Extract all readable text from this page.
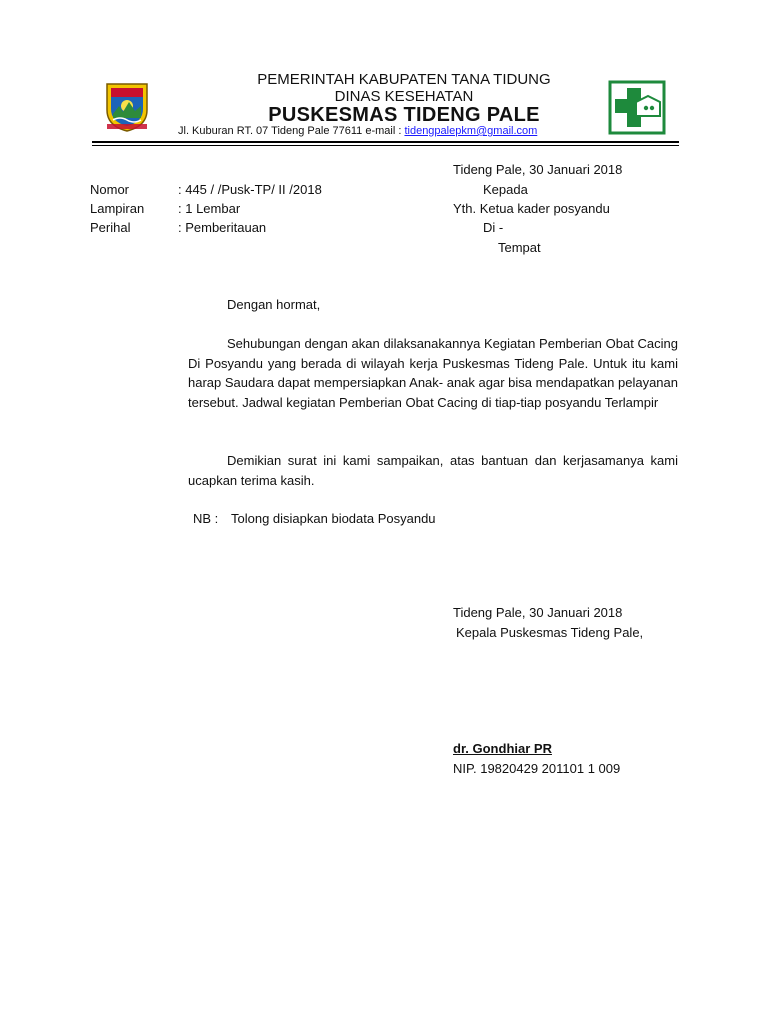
PEMERINTAH KABUPATEN TANA TIDUNG
DINAS KESEHATAN
PUSKESMAS TIDENG PALE
Jl. Kuburan RT. 07 Tideng Pale 77611 e-mail : tidengpalepkm@gmail.com
Tideng Pale, 30 Januari 2018
Nomor	: 445 / /Pusk-TP/ II /2018
Lampiran	: 1 Lembar
Perihal	: Pemberitauan
Kepada
Yth. Ketua kader posyandu
Di -
Tempat
Dengan hormat,
Sehubungan dengan akan dilaksanakannya Kegiatan Pemberian Obat Cacing Di Posyandu yang berada di wilayah kerja Puskesmas Tideng Pale. Untuk itu kami harap Saudara dapat mempersiapkan Anak- anak agar bisa mendapatkan pelayanan tersebut. Jadwal kegiatan Pemberian Obat Cacing di tiap-tiap posyandu Terlampir
Demikian surat ini kami sampaikan, atas bantuan dan kerjasamanya kami ucapkan terima kasih.
NB : Tolong disiapkan biodata Posyandu
Tideng Pale, 30 Januari 2018
Kepala Puskesmas Tideng Pale,
dr. Gondhiar PR
NIP. 19820429 201101 1 009
